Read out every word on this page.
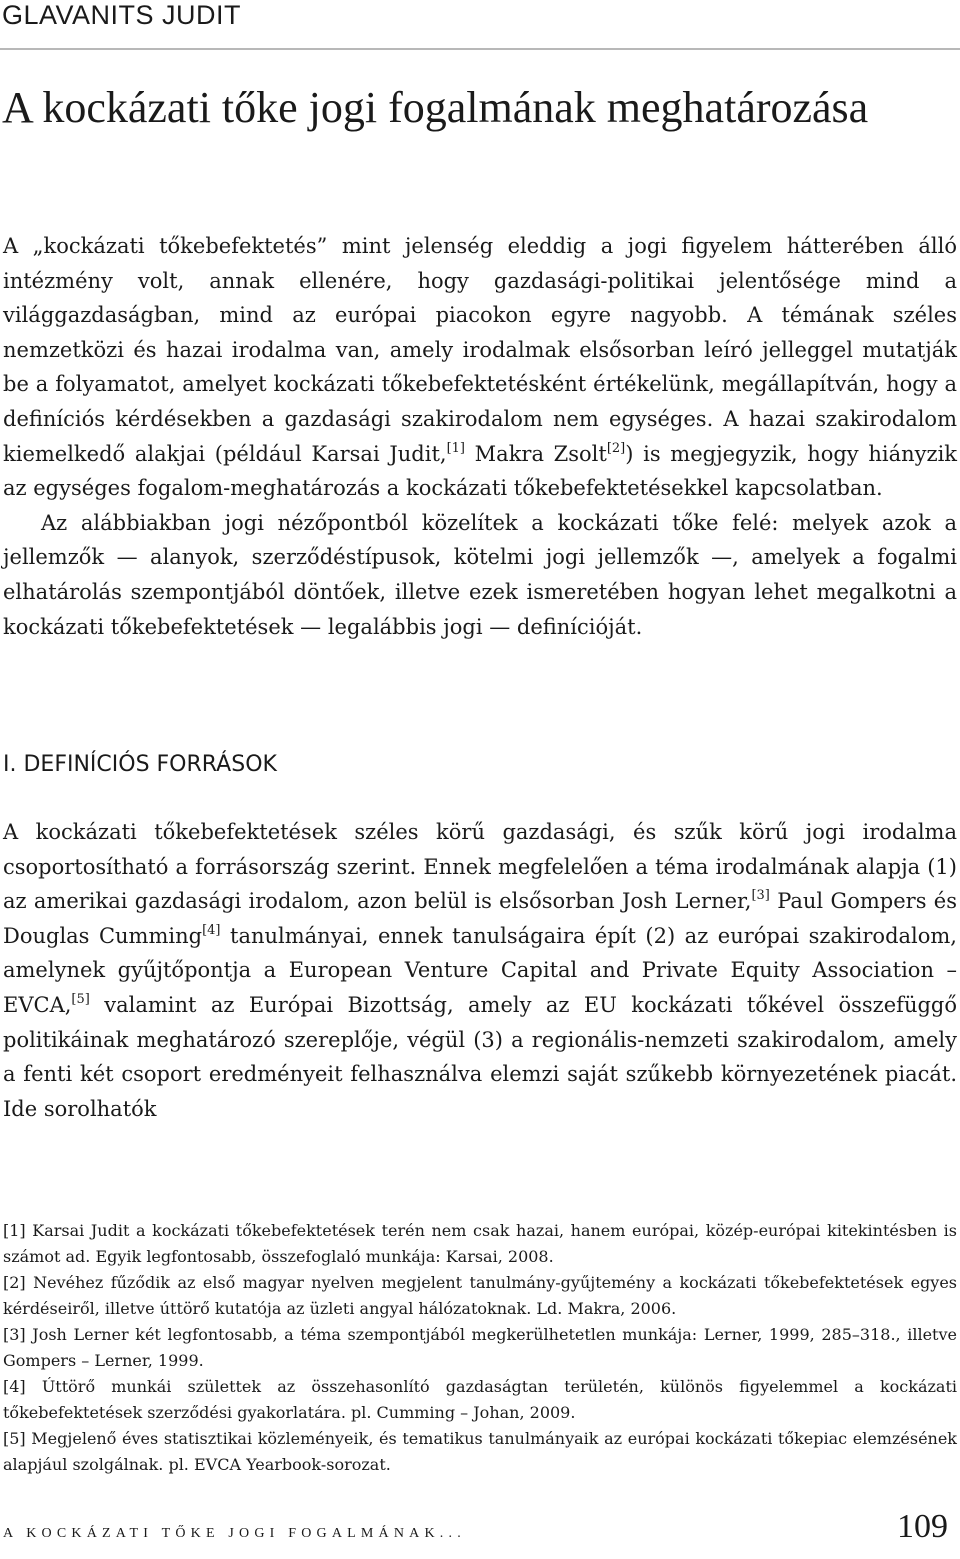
GLAVANITS JUDIT
A kockázati tőke jogi fogalmának meghatározása

A „kockázati tőkebefektetés” mint jelenség eleddig a jogi figyelem hátterében álló intézmény volt, annak ellenére, hogy gazdasági-politikai jelentősége mind a világgazdaságban, mind az európai piacokon egyre nagyobb. A témának széles nemzetközi és hazai irodalma van, amely irodalmak elsősorban leíró jelleggel mutatják be a folyamatot, amelyet kockázati tőkebefektetésként értékelünk, megállapítván, hogy a definíciós kérdésekben a gazdasági szakirodalom nem egységes. A hazai szakirodalom kiemelkedő alakjai (például Karsai Judit,[1] Makra Zsolt[2]) is megjegyzik, hogy hiányzik az egységes fogalom-meghatározás a kockázati tőkebefektetésekkel kapcsolatban.

Az alábbiakban jogi nézőpontból közelítek a kockázati tőke felé: melyek azok a jellemzők — alanyok, szerződéstípusok, kötelmi jogi jellemzők —, amelyek a fogalmi elhatárolás szempontjából döntőek, illetve ezek ismeretében hogyan lehet megalkotni a kockázati tőkebefektetések — legalábbis jogi — definícióját.

I. DEFINÍCIÓS FORRÁSOK

A kockázati tőkebefektetések széles körű gazdasági, és szűk körű jogi irodalma csoportosítható a forrásország szerint. Ennek megfelelően a téma irodalmának alapja (1) az amerikai gazdasági irodalom, azon belül is elsősorban Josh Lerner,[3] Paul Gompers és Douglas Cumming[4] tanulmányai, ennek tanulságaira épít (2) az európai szakirodalom, amelynek gyűjtőpontja a European Venture Capital and Private Equity Association – EVCA,[5] valamint az Európai Bizottság, amely az EU kockázati tőkével összefüggő politikáinak meghatározó szereplője, végül (3) a regionális-nemzeti szakirodalom, amely a fenti két csoport eredményeit felhasználva elemzi saját szűkebb környezetének piacát. Ide sorolhatók

[1] Karsai Judit a kockázati tőkebefektetések terén nem csak hazai, hanem európai, közép-európai kitekintésben is számot ad. Egyik legfontosabb, összefoglaló munkája: Karsai, 2008.

[2] Nevéhez fűződik az első magyar nyelven megjelent tanulmány-gyűjtemény a kockázati tőkebefektetések egyes kérdéseiről, illetve úttörő kutatója az üzleti angyal hálózatoknak. Ld. Makra, 2006.

[3] Josh Lerner két legfontosabb, a téma szempontjából megkerülhetetlen munkája: Lerner, 1999, 285–318., illetve Gompers – Lerner, 1999.

[4] Úttörő munkái születtek az összehasonlító gazdaságtan területén, különös figyelemmel a kockázati tőkebefektetések szerződési gyakorlatára. pl. Cumming – Johan, 2009.

[5] Megjelenő éves statisztikai közleményeik, és tematikus tanulmányaik az európai kockázati tőkepiac elemzésének alapjául szolgálnak. pl. EVCA Yearbook-sorozat.

A KOCKÁZATI TŐKE JOGI FOGALMÁNAK...	109
